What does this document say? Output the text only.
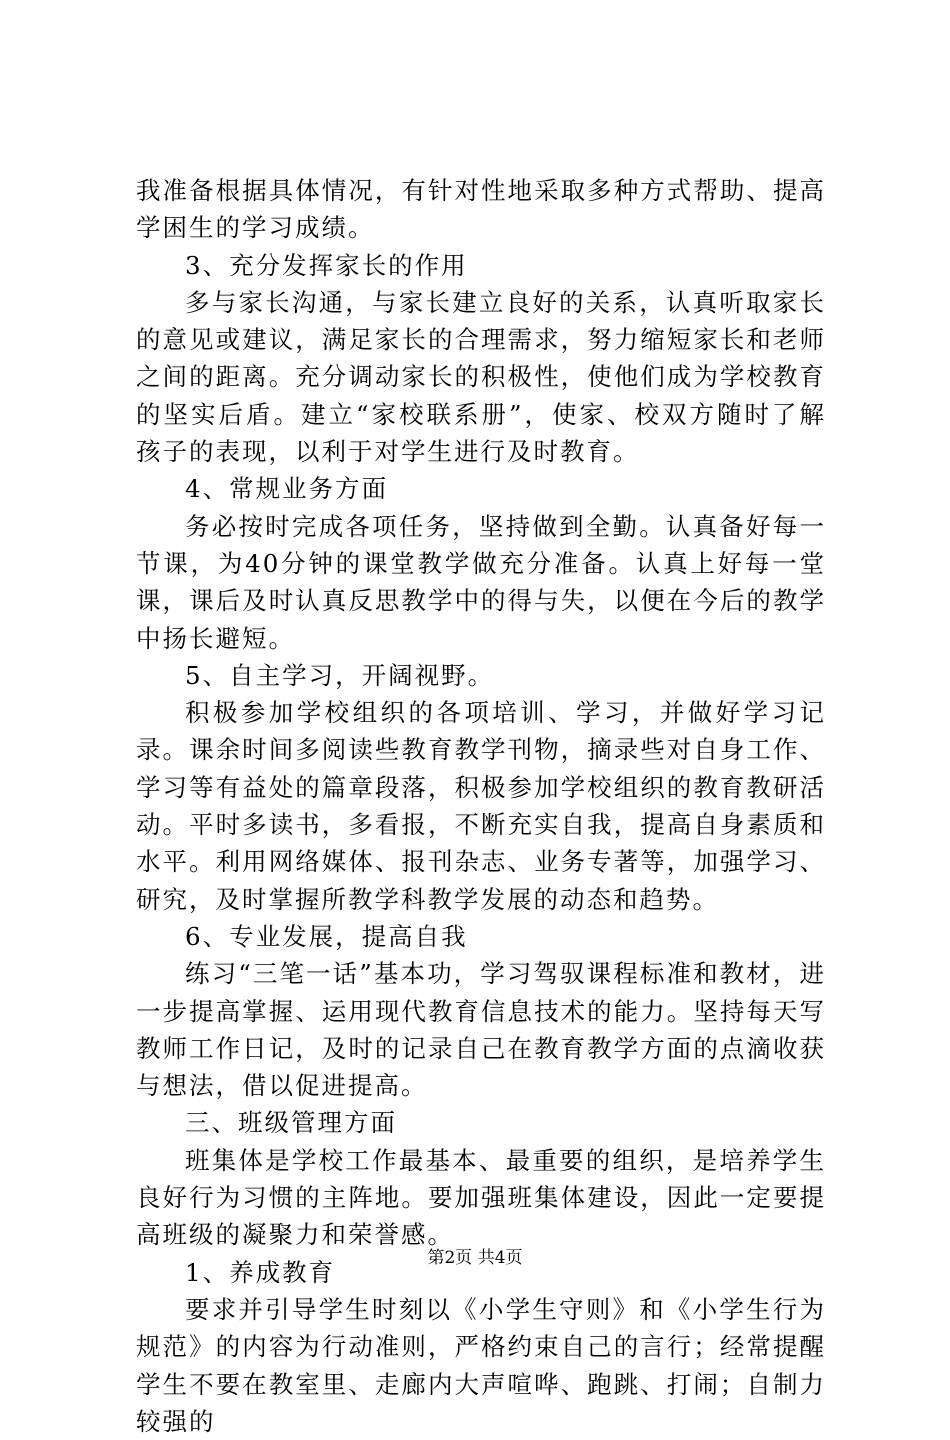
我准备根据具体情况，有针对性地采取多种方式帮助、提高学困生的学习成绩。

3、充分发挥家长的作用

多与家长沟通，与家长建立良好的关系，认真听取家长的意见或建议，满足家长的合理需求，努力缩短家长和老师之间的距离。充分调动家长的积极性，使他们成为学校教育的坚实后盾。建立“家校联系册”，使家、校双方随时了解孩子的表现，以利于对学生进行及时教育。

4、常规业务方面

务必按时完成各项任务，坚持做到全勤。认真备好每一节课，为40分钟的课堂教学做充分准备。认真上好每一堂课，课后及时认真反思教学中的得与失，以便在今后的教学中扬长避短。

5、自主学习，开阔视野。

积极参加学校组织的各项培训、学习，并做好学习记录。课余时间多阅读些教育教学刊物，摘录些对自身工作、学习等有益处的篇章段落，积极参加学校组织的教育教研活动。平时多读书，多看报，不断充实自我，提高自身素质和水平。利用网络媒体、报刊杂志、业务专著等，加强学习、研究，及时掌握所教学科教学发展的动态和趋势。

6、专业发展，提高自我

练习“三笔一话”基本功，学习驾驭课程标准和教材，进一步提高掌握、运用现代教育信息技术的能力。坚持每天写教师工作日记，及时的记录自己在教育教学方面的点滴收获与想法，借以促进提高。

三、班级管理方面

班集体是学校工作最基本、最重要的组织，是培养学生良好行为习惯的主阵地。要加强班集体建设，因此一定要提高班级的凝聚力和荣誉感。

1、养成教育

要求并引导学生时刻以《小学生守则》和《小学生行为规范》的内容为行动准则，严格约束自己的言行；经常提醒学生不要在教室里、走廊内大声喧哗、跑跳、打闹；自制力较强的

第2页 共4页
